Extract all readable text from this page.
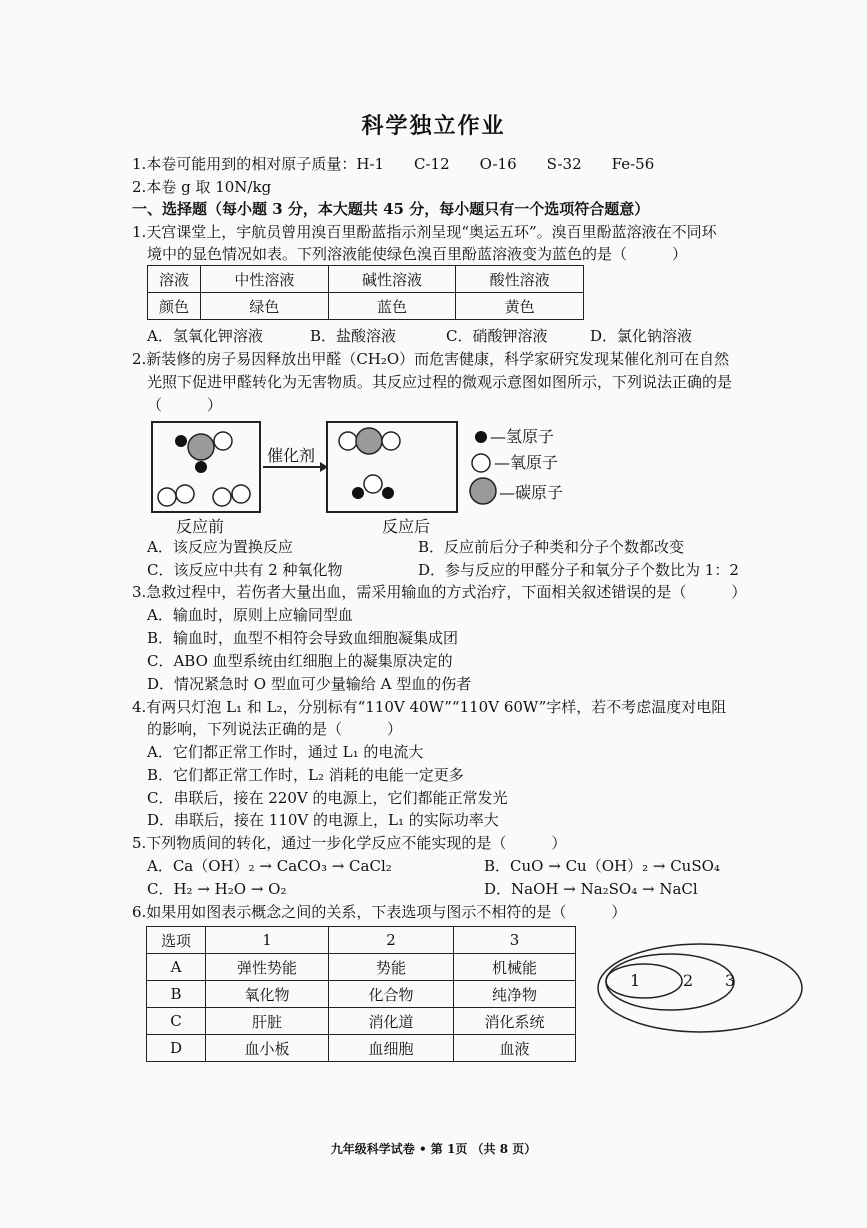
科学独立作业
1.本卷可能用到的相对原子质量：H-1　　C-12　　O-16　　S-32　　Fe-56
2.本卷 g 取 10N/kg
一、选择题（每小题 3 分，本大题共 45 分，每小题只有一个选项符合题意）
1.天宫课堂上，宇航员曾用溴百里酚蓝指示剂呈现“奥运五环”。溴百里酚蓝溶液在不同环
境中的显色情况如表。下列溶液能使绿色溴百里酚蓝溶液变为蓝色的是（　　　）
溶液	中性溶液	碱性溶液	酸性溶液
颜色	绿色	蓝色	黄色
A．氢氧化钾溶液	B．盐酸溶液	C．硝酸钾溶液	D．氯化钠溶液
2.新装修的房子易因释放出甲醛（CH₂O）而危害健康，科学家研究发现某催化剂可在自然
光照下促进甲醛转化为无害物质。其反应过程的微观示意图如图所示，下列说法正确的是
（　　　）
催化剂
反应前	反应后
—氢原子
—氧原子
—碳原子
A．该反应为置换反应	B．反应前后分子种类和分子个数都改变
C．该反应中共有 2 种氧化物	D．参与反应的甲醛分子和氧分子个数比为 1：2
3.急救过程中，若伤者大量出血，需采用输血的方式治疗，下面相关叙述错误的是（　　　）
A．输血时，原则上应输同型血
B．输血时，血型不相符会导致血细胞凝集成团
C．ABO 血型系统由红细胞上的凝集原决定的
D．情况紧急时 O 型血可少量输给 A 型血的伤者
4.有两只灯泡 L₁ 和 L₂，分别标有“110V 40W”“110V 60W”字样，若不考虑温度对电阻
的影响，下列说法正确的是（　　　）
A．它们都正常工作时，通过 L₁ 的电流大
B．它们都正常工作时，L₂ 消耗的电能一定更多
C．串联后，接在 220V 的电源上，它们都能正常发光
D．串联后，接在 110V 的电源上，L₁ 的实际功率大
5.下列物质间的转化，通过一步化学反应不能实现的是（　　　）
A．Ca（OH）₂ → CaCO₃ → CaCl₂	B．CuO → Cu（OH）₂ → CuSO₄
C．H₂ → H₂O → O₂	D．NaOH → Na₂SO₄ → NaCl
6.如果用如图表示概念之间的关系，下表选项与图示不相符的是（　　　）
选项	1	2	3
A	弹性势能	势能	机械能
B	氧化物	化合物	纯净物
C	肝脏	消化道	消化系统
D	血小板	血细胞	血液
1	2 3
九年级科学试卷 • 第 1页 （共 8 页）
